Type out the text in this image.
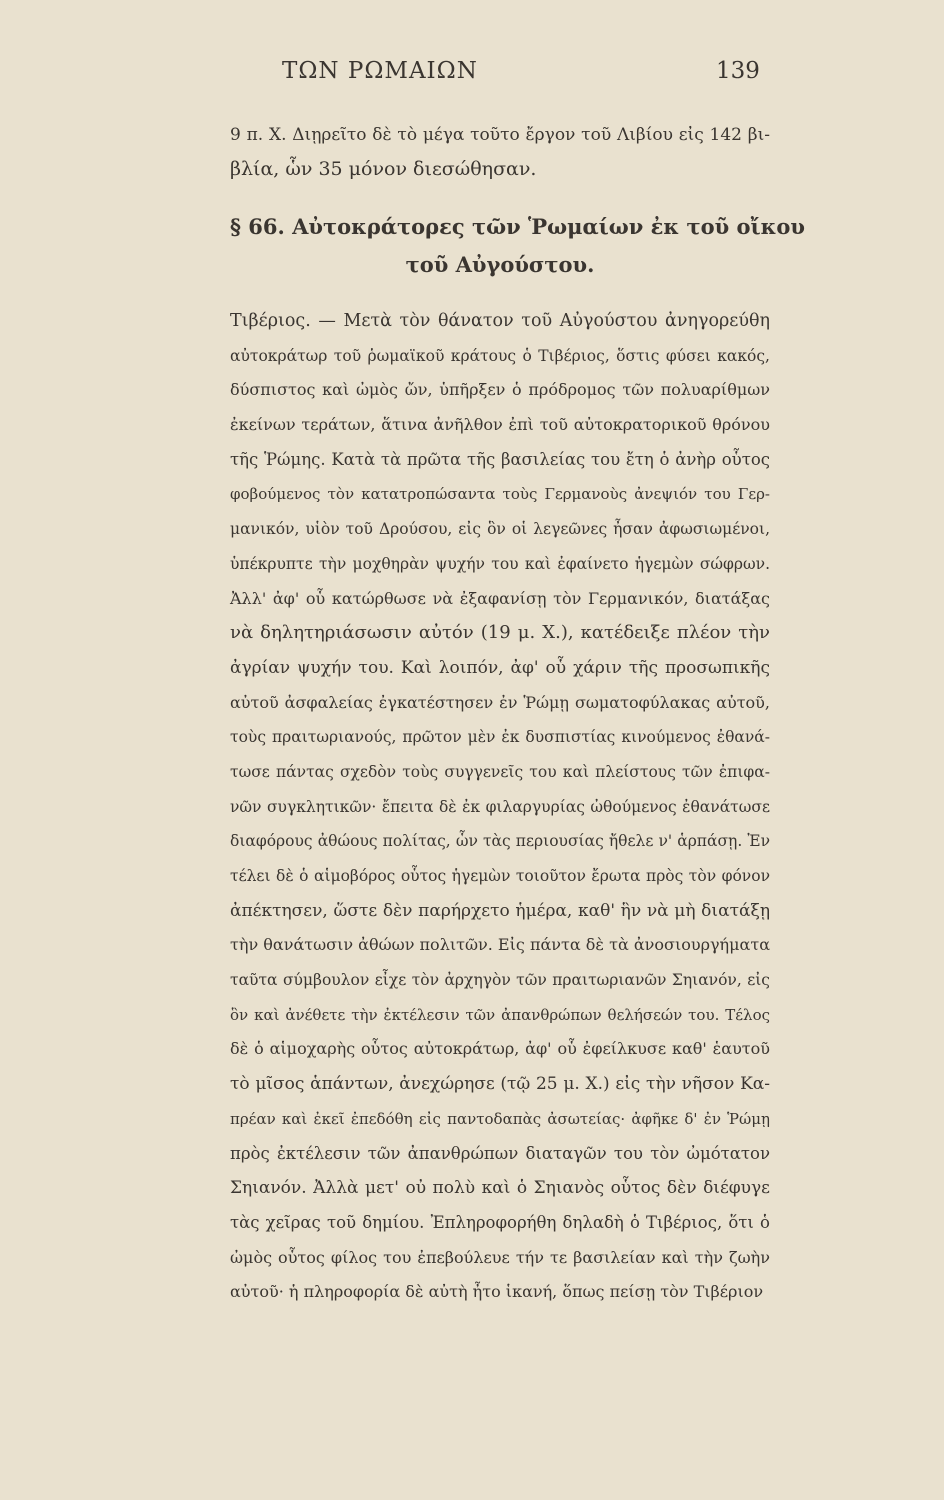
ΤΩΝ ΡΩΜΑΙΩΝ	139
9 π. Χ. Διῃρεῖτο δὲ τὸ μέγα τοῦτο ἔργον τοῦ Λιβίου εἰς 142 βι-
βλία, ὧν 35 μόνον διεσώθησαν.
§ 66. Αὐτοκράτορες τῶν Ῥωμαίων ἐκ τοῦ οἴκου
τοῦ Αὐγούστου.
Τιβέριος. — Μετὰ τὸν θάνατον τοῦ Αὐγούστου ἀνηγορεύθη
αὐτοκράτωρ τοῦ ῥωμαϊκοῦ κράτους ὁ Τιβέριος, ὅστις φύσει κακός,
δύσπιστος καὶ ὠμὸς ὤν, ὑπῆρξεν ὁ πρόδρομος τῶν πολυαρίθμων
ἐκείνων τεράτων, ἅτινα ἀνῆλθον ἐπὶ τοῦ αὐτοκρατορικοῦ θρόνου
τῆς Ῥώμης. Κατὰ τὰ πρῶτα τῆς βασιλείας του ἔτη ὁ ἀνὴρ οὗτος
φοβούμενος τὸν κατατροπώσαντα τοὺς Γερμανοὺς ἀνεψιόν του Γερ-
μανικόν, υἱὸν τοῦ Δρούσου, εἰς ὃν οἱ λεγεῶνες ἦσαν ἀφωσιωμένοι,
ὑπέκρυπτε τὴν μοχθηρὰν ψυχήν του καὶ ἐφαίνετο ἡγεμὼν σώφρων.
Ἀλλ' ἀφ' οὗ κατώρθωσε νὰ ἐξαφανίσῃ τὸν Γερμανικόν, διατάξας
νὰ δηλητηριάσωσιν αὐτόν (19 μ. Χ.), κατέδειξε πλέον τὴν
ἀγρίαν ψυχήν του. Καὶ λοιπόν, ἀφ' οὗ χάριν τῆς προσωπικῆς
αὐτοῦ ἀσφαλείας ἐγκατέστησεν ἐν Ῥώμῃ σωματοφύλακας αὐτοῦ,
τοὺς πραιτωριανούς, πρῶτον μὲν ἐκ δυσπιστίας κινούμενος ἐθανά-
τωσε πάντας σχεδὸν τοὺς συγγενεῖς του καὶ πλείστους τῶν ἐπιφα-
νῶν συγκλητικῶν· ἔπειτα δὲ ἐκ φιλαργυρίας ὠθούμενος ἐθανάτωσε
διαφόρους ἀθώους πολίτας, ὧν τὰς περιουσίας ἤθελε ν' ἁρπάσῃ. Ἐν
τέλει δὲ ὁ αἱμοβόρος οὗτος ἡγεμὼν τοιοῦτον ἔρωτα πρὸς τὸν φόνον
ἀπέκτησεν, ὥστε δὲν παρήρχετο ἡμέρα, καθ' ἣν νὰ μὴ διατάξῃ
τὴν θανάτωσιν ἀθώων πολιτῶν. Εἰς πάντα δὲ τὰ ἀνοσιουργήματα
ταῦτα σύμβουλον εἶχε τὸν ἀρχηγὸν τῶν πραιτωριανῶν Σηιανόν, εἰς
ὃν καὶ ἀνέθετε τὴν ἐκτέλεσιν τῶν ἀπανθρώπων θελήσεών του. Τέλος
δὲ ὁ αἱμοχαρὴς οὗτος αὐτοκράτωρ, ἀφ' οὗ ἐφείλκυσε καθ' ἑαυτοῦ
τὸ μῖσος ἁπάντων, ἀνεχώρησε (τῷ 25 μ. Χ.) εἰς τὴν νῆσον Κα-
πρέαν καὶ ἐκεῖ ἐπεδόθη εἰς παντοδαπὰς ἀσωτείας· ἀφῆκε δ' ἐν Ῥώμῃ
πρὸς ἐκτέλεσιν τῶν ἀπανθρώπων διαταγῶν του τὸν ὠμότατον
Σηιανόν. Ἀλλὰ μετ' οὐ πολὺ καὶ ὁ Σηιανὸς οὗτος δὲν διέφυγε
τὰς χεῖρας τοῦ δημίου. Ἐπληροφορήθη δηλαδὴ ὁ Τιβέριος, ὅτι ὁ
ὠμὸς οὗτος φίλος του ἐπεβούλευε τήν τε βασιλείαν καὶ τὴν ζωὴν
αὐτοῦ· ἡ πληροφορία δὲ αὐτὴ ἦτο ἱκανή, ὅπως πείσῃ τὸν Τιβέριον
